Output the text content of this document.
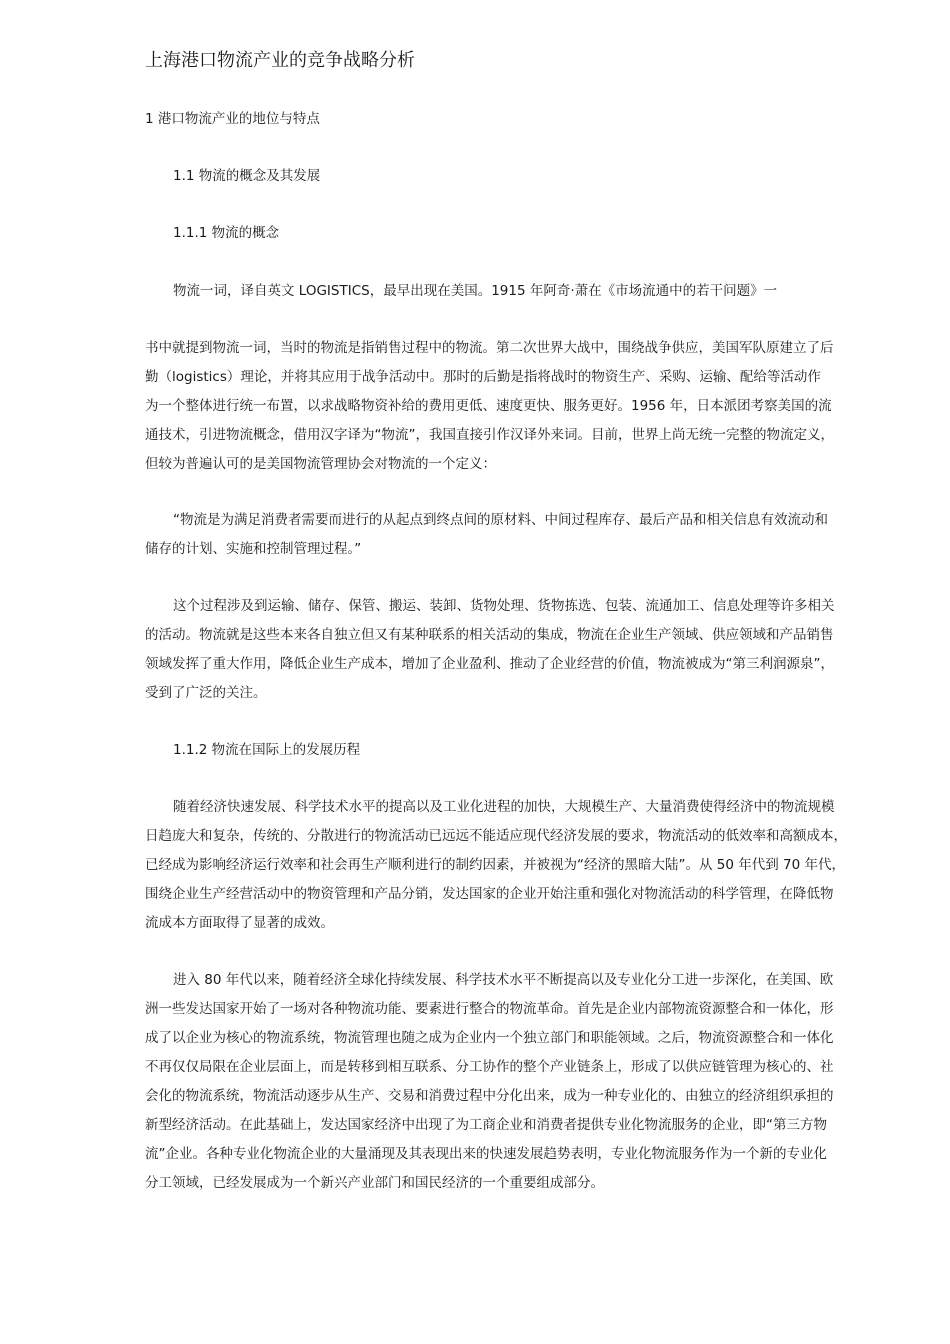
上海港口物流产业的竞争战略分析
1 港口物流产业的地位与特点
1.1 物流的概念及其发展
1.1.1 物流的概念
物流一词，译自英文 LOGISTICS，最早出现在美国。1915 年阿奇·萧在《市场流通中的若干问题》一
书中就提到物流一词，当时的物流是指销售过程中的物流。第二次世界大战中，围绕战争供应，美国军队原建立了后
勤（logistics）理论，并将其应用于战争活动中。那时的后勤是指将战时的物资生产、采购、运输、配给等活动作
为一个整体进行统一布置，以求战略物资补给的费用更低、速度更快、服务更好。1956 年，日本派团考察美国的流
通技术，引进物流概念，借用汉字译为“物流”，我国直接引作汉译外来词。目前，世界上尚无统一完整的物流定义，
但较为普遍认可的是美国物流管理协会对物流的一个定义：
“物流是为满足消费者需要而进行的从起点到终点间的原材料、中间过程库存、最后产品和相关信息有效流动和
储存的计划、实施和控制管理过程。”
这个过程涉及到运输、储存、保管、搬运、装卸、货物处理、货物拣选、包装、流通加工、信息处理等许多相关
的活动。物流就是这些本来各自独立但又有某种联系的相关活动的集成，物流在企业生产领域、供应领域和产品销售
领域发挥了重大作用，降低企业生产成本，增加了企业盈利、推动了企业经营的价值，物流被成为“第三利润源泉”，
受到了广泛的关注。
1.1.2 物流在国际上的发展历程
随着经济快速发展、科学技术水平的提高以及工业化进程的加快，大规模生产、大量消费使得经济中的物流规模
日趋庞大和复杂，传统的、分散进行的物流活动已远远不能适应现代经济发展的要求，物流活动的低效率和高额成本，
已经成为影响经济运行效率和社会再生产顺利进行的制约因素，并被视为“经济的黑暗大陆”。从 50 年代到 70 年代，
围绕企业生产经营活动中的物资管理和产品分销，发达国家的企业开始注重和强化对物流活动的科学管理，在降低物
流成本方面取得了显著的成效。
进入 80 年代以来，随着经济全球化持续发展、科学技术水平不断提高以及专业化分工进一步深化，在美国、欧
洲一些发达国家开始了一场对各种物流功能、要素进行整合的物流革命。首先是企业内部物流资源整合和一体化，形
成了以企业为核心的物流系统，物流管理也随之成为企业内一个独立部门和职能领域。之后，物流资源整合和一体化
不再仅仅局限在企业层面上，而是转移到相互联系、分工协作的整个产业链条上，形成了以供应链管理为核心的、社
会化的物流系统，物流活动逐步从生产、交易和消费过程中分化出来，成为一种专业化的、由独立的经济组织承担的
新型经济活动。在此基础上，发达国家经济中出现了为工商企业和消费者提供专业化物流服务的企业，即“第三方物
流”企业。各种专业化物流企业的大量涌现及其表现出来的快速发展趋势表明，专业化物流服务作为一个新的专业化
分工领域，已经发展成为一个新兴产业部门和国民经济的一个重要组成部分。
